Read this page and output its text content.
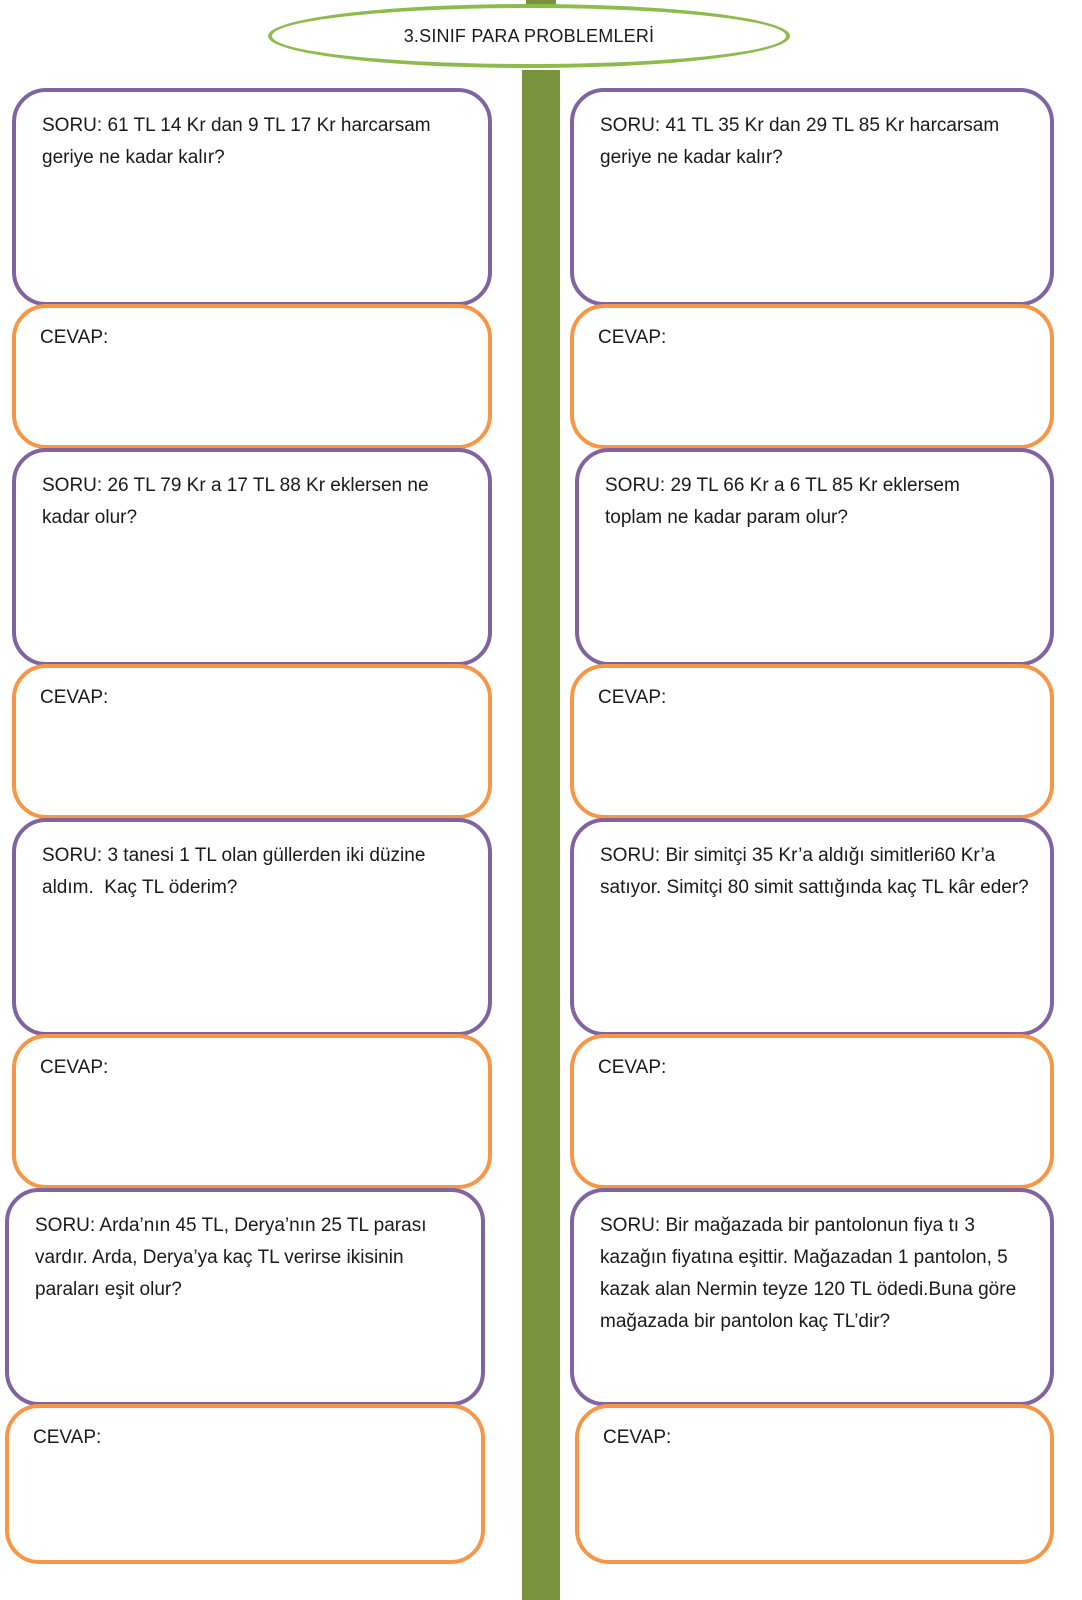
3.SINIF PARA PROBLEMLERİ
SORU: 61 TL 14 Kr dan 9 TL 17 Kr harcarsam geriye ne kadar kalır?
CEVAP:
SORU: 26 TL 79 Kr a 17 TL 88 Kr eklersen ne kadar olur?
CEVAP:
SORU: 3 tanesi 1 TL olan güllerden iki düzine aldım.  Kaç TL öderim?
CEVAP:
SORU: Arda’nın 45 TL, Derya’nın 25 TL parası vardır. Arda, Derya’ya kaç TL verirse ikisinin paraları eşit olur?
CEVAP:
SORU: 41 TL 35 Kr dan 29 TL 85 Kr harcarsam geriye ne kadar kalır?
CEVAP:
SORU: 29 TL 66 Kr a 6 TL 85 Kr eklersem toplam ne kadar param olur?
CEVAP:
SORU: Bir simitçi 35 Kr’a aldığı simitleri60 Kr’a satıyor. Simitçi 80 simit sattığında kaç TL kâr eder?
CEVAP:
SORU: Bir mağazada bir pantolonun fiya tı 3 kazağın fiyatına eşittir. Mağazadan 1 pantolon, 5 kazak alan Nermin teyze 120 TL ödedi.Buna göre mağazada bir pantolon kaç TL’dir?
CEVAP:
